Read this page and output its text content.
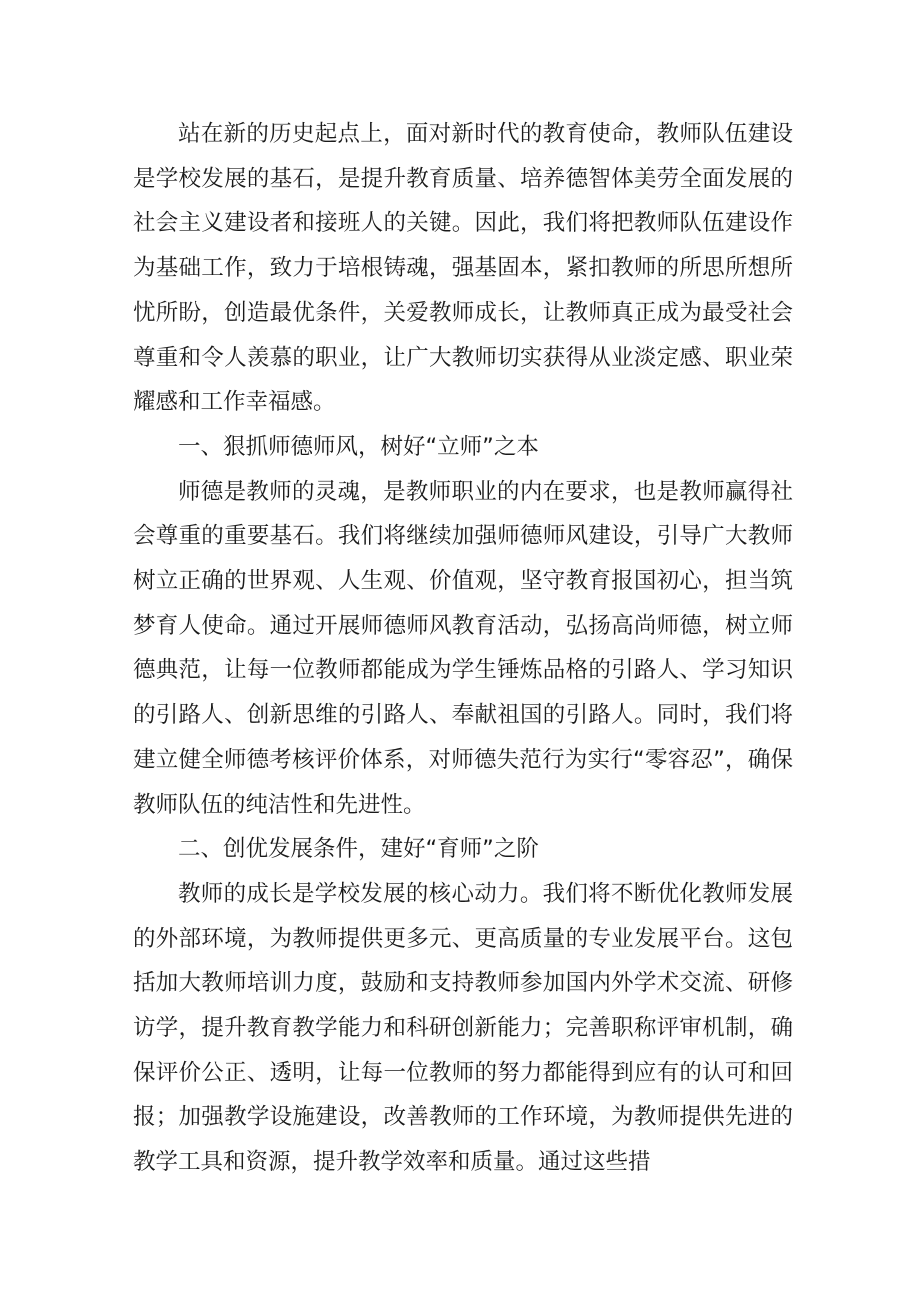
站在新的历史起点上，面对新时代的教育使命，教师队伍建设是学校发展的基石，是提升教育质量、培养德智体美劳全面发展的社会主义建设者和接班人的关键。因此，我们将把教师队伍建设作为基础工作，致力于培根铸魂，强基固本，紧扣教师的所思所想所忧所盼，创造最优条件，关爱教师成长，让教师真正成为最受社会尊重和令人羡慕的职业，让广大教师切实获得从业淡定感、职业荣耀感和工作幸福感。

一、狠抓师德师风，树好“立师”之本

师德是教师的灵魂，是教师职业的内在要求，也是教师赢得社会尊重的重要基石。我们将继续加强师德师风建设，引导广大教师树立正确的世界观、人生观、价值观，坚守教育报国初心，担当筑梦育人使命。通过开展师德师风教育活动，弘扬高尚师德，树立师德典范，让每一位教师都能成为学生锤炼品格的引路人、学习知识的引路人、创新思维的引路人、奉献祖国的引路人。同时，我们将建立健全师德考核评价体系，对师德失范行为实行“零容忍”，确保教师队伍的纯洁性和先进性。

二、创优发展条件，建好“育师”之阶

教师的成长是学校发展的核心动力。我们将不断优化教师发展的外部环境，为教师提供更多元、更高质量的专业发展平台。这包括加大教师培训力度，鼓励和支持教师参加国内外学术交流、研修访学，提升教育教学能力和科研创新能力；完善职称评审机制，确保评价公正、透明，让每一位教师的努力都能得到应有的认可和回报；加强教学设施建设，改善教师的工作环境，为教师提供先进的教学工具和资源，提升教学效率和质量。通过这些措
